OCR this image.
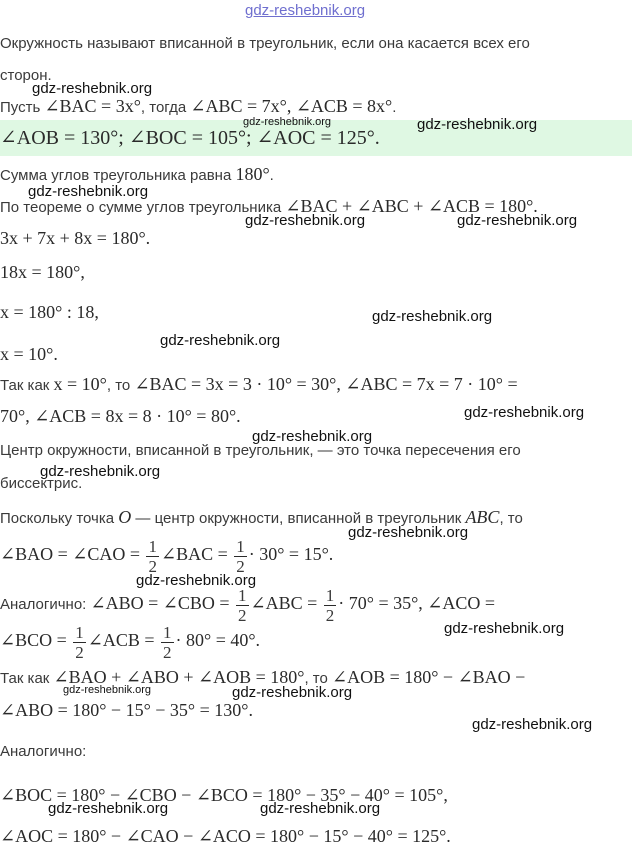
gdz-reshebnik.org
Окружность называют вписанной в треугольник, если она касается всех его
сторон.
Пусть ∠BAC = 3x°, тогда ∠ABC = 7x°, ∠ACB = 8x°.
∠AOB = 130°; ∠BOC = 105°; ∠AOC = 125°.
Сумма углов треугольника равна 180°.
По теореме о сумме углов треугольника ∠BAC + ∠ABC + ∠ACB = 180°.
3x + 7x + 8x = 180°.
18x = 180°,
x = 180° : 18,
x = 10°.
Так как x = 10°, то ∠BAC = 3x = 3 · 10° = 30°, ∠ABC = 7x = 7 · 10° =
70°, ∠ACB = 8x = 8 · 10° = 80°.
Центр окружности, вписанной в треугольник, — это точка пересечения его
биссектрис.
Поскольку точка O — центр окружности, вписанной в треугольник ABC, то
∠BAO = ∠CAO = $\frac{1}{2}$ ∠BAC = $\frac{1}{2} \cdot 30^\circ = 15^\circ$.
Аналогично: ∠ABO = ∠CBO = $\frac{1}{2}$ ∠ABC = $\frac{1}{2} \cdot 70^\circ = 35^\circ$, ∠ACO =
∠BCO = $\frac{1}{2}$ ∠ACB = $\frac{1}{2} \cdot 80^\circ = 40^\circ$.
Так как ∠BAO + ∠ABO + ∠AOB = 180°, то ∠AOB = 180° − ∠BAO −
∠ABO = 180° − 15° − 35° = 130°.
Аналогично:
∠BOC = 180° − ∠CBO − ∠BCO = 180° − 35° − 40° = 105°,
∠AOC = 180° − ∠CAO − ∠ACO = 180° − 15° − 40° = 125°.
gdz-reshebnik.org
gdz-reshebnik.org	gdz-reshebnik.org
gdz-reshebnik.org
gdz-reshebnik.org	gdz-reshebnik.org
gdz-reshebnik.org
gdz-reshebnik.org
gdz-reshebnik.org
gdz-reshebnik.org
gdz-reshebnik.org
gdz-reshebnik.org
gdz-reshebnik.org
gdz-reshebnik.org
gdz-reshebnik.org	gdz-reshebnik.org
gdz-reshebnik.org
gdz-reshebnik.org	gdz-reshebnik.org
